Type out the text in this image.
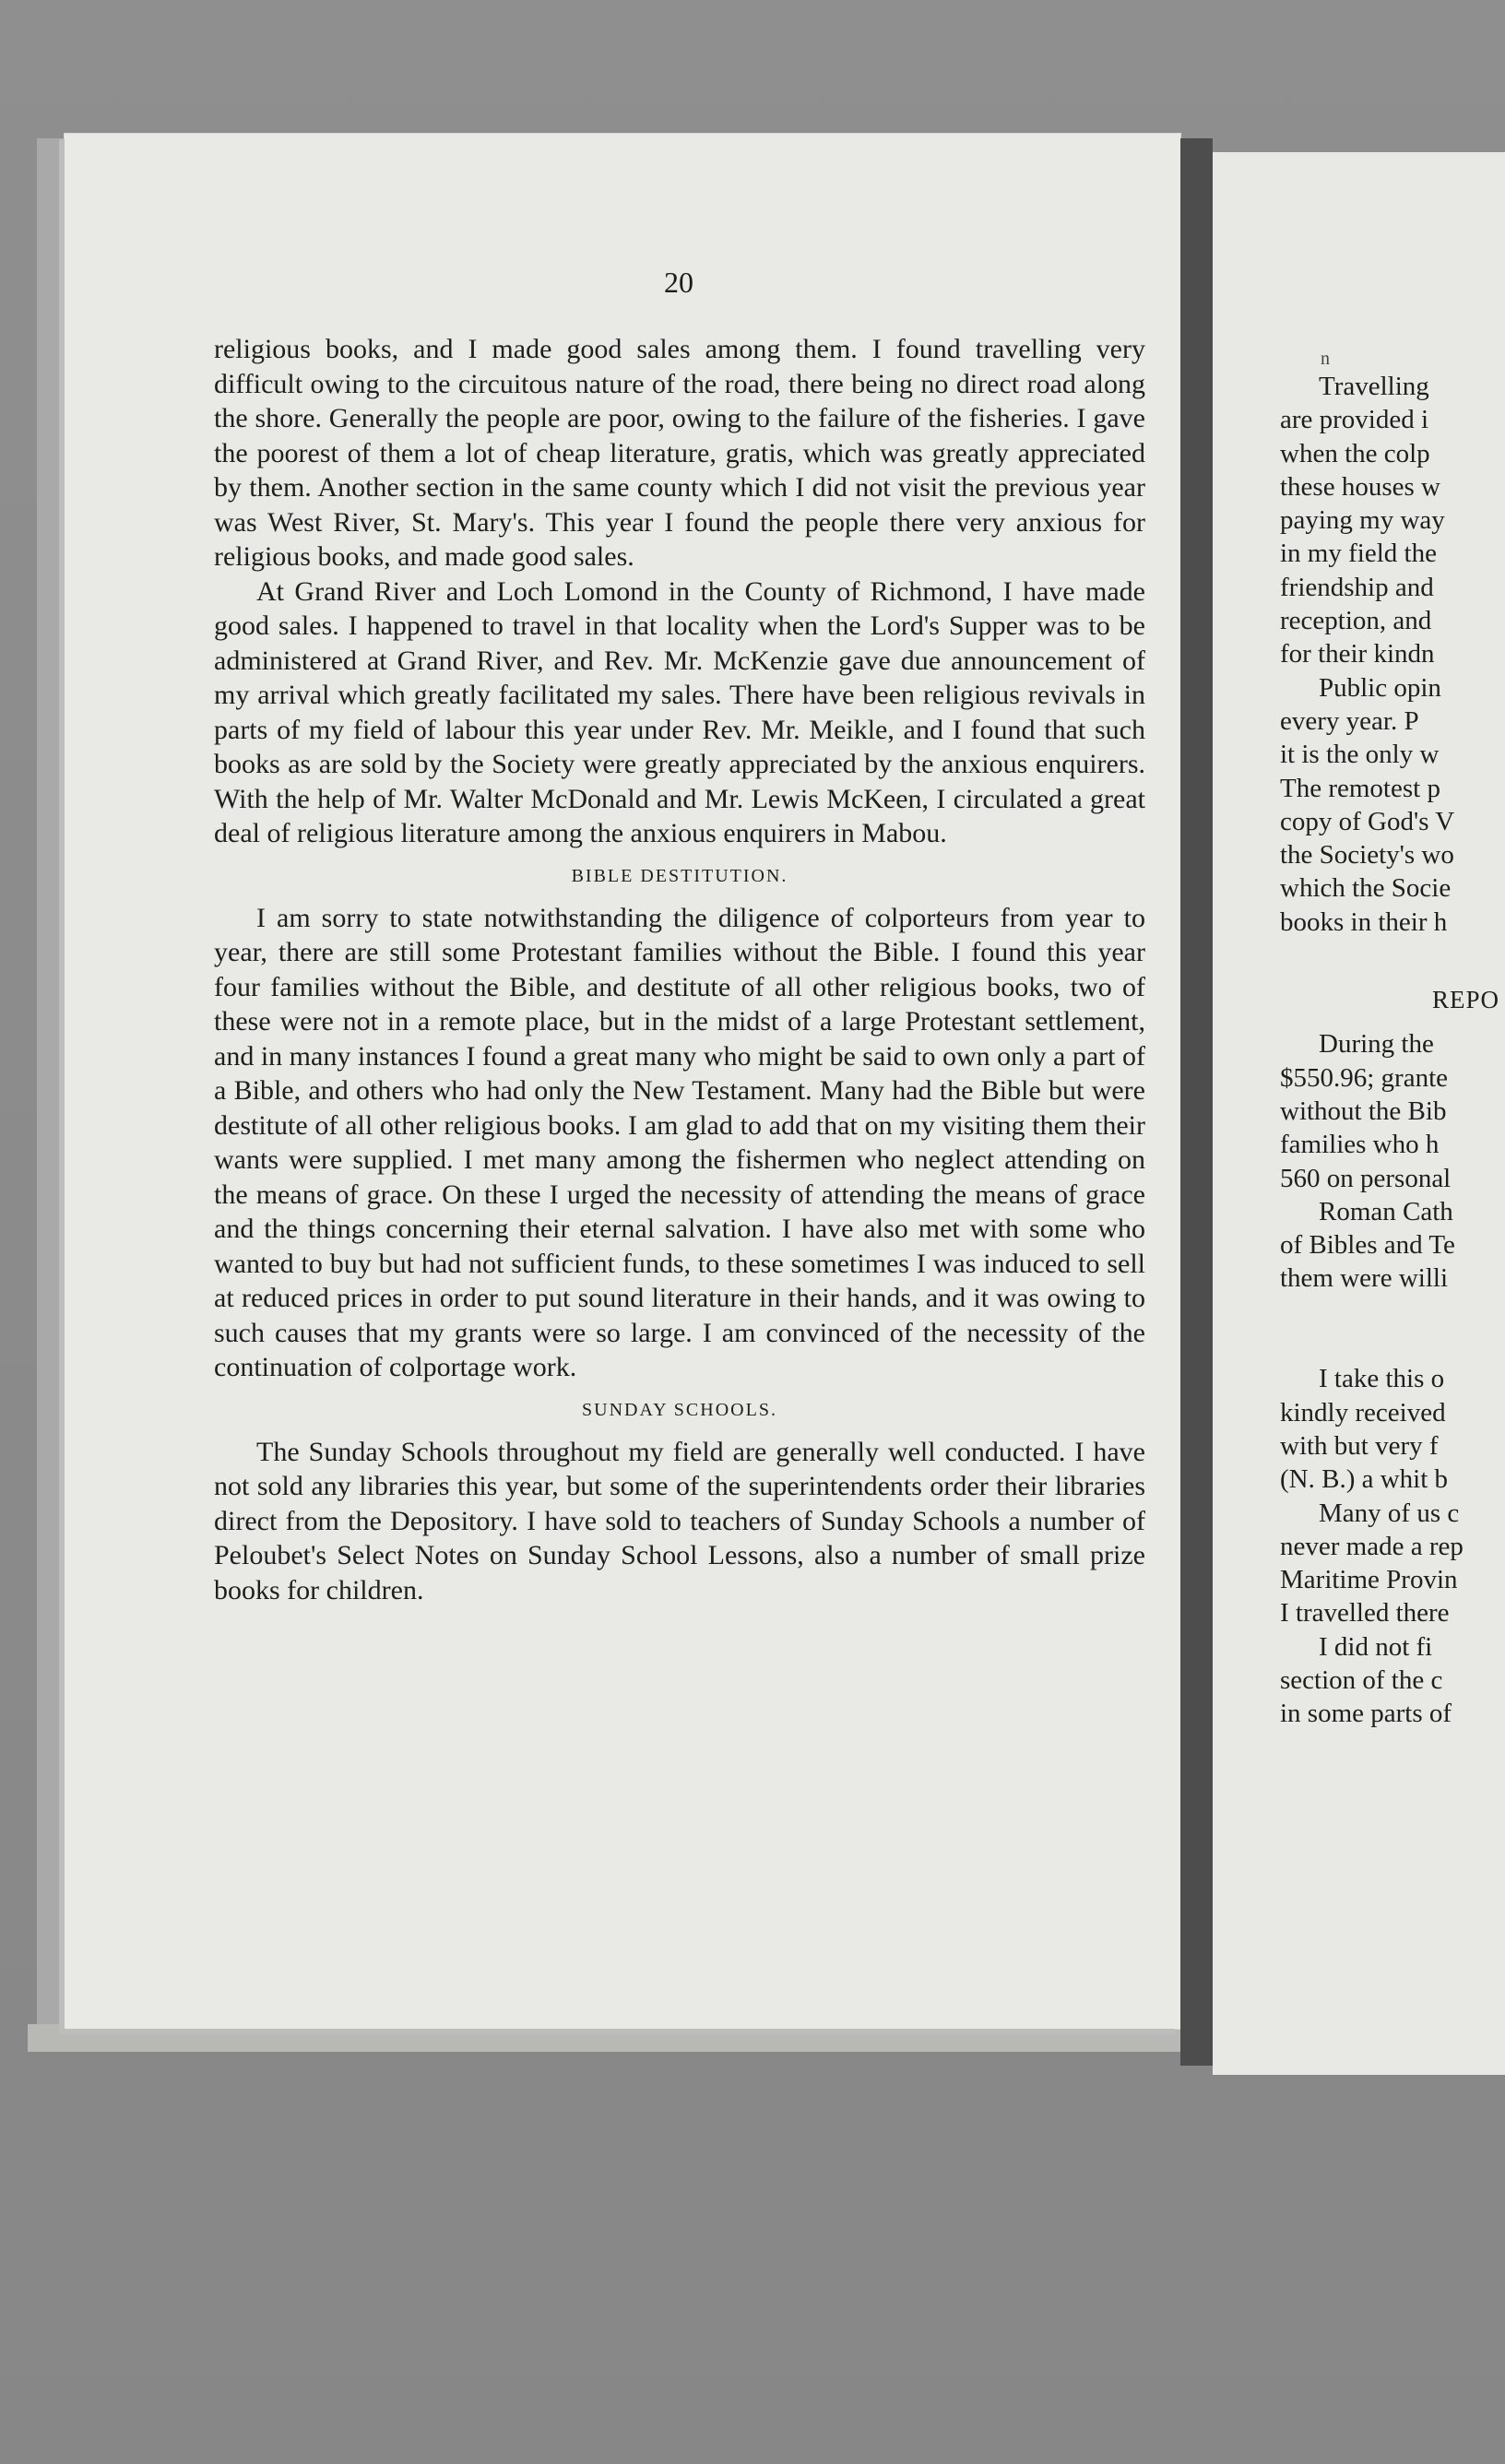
20

religious books, and I made good sales among them. I found travelling very difficult owing to the circuitous nature of the road, there being no direct road along the shore. Generally the people are poor, owing to the failure of the fisheries. I gave the poorest of them a lot of cheap literature, gratis, which was greatly appreciated by them. Another section in the same county which I did not visit the previous year was West River, St. Mary's. This year I found the people there very anxious for religious books, and made good sales.

At Grand River and Loch Lomond in the County of Richmond, I have made good sales. I happened to travel in that locality when the Lord's Supper was to be administered at Grand River, and Rev. Mr. McKenzie gave due announcement of my arrival which greatly facilitated my sales. There have been religious revivals in parts of my field of labour this year under Rev. Mr. Meikle, and I found that such books as are sold by the Society were greatly appreciated by the anxious enquirers. With the help of Mr. Walter McDonald and Mr. Lewis McKeen, I circulated a great deal of religious literature among the anxious enquirers in Mabou.

BIBLE DESTITUTION.

I am sorry to state notwithstanding the diligence of colporteurs from year to year, there are still some Protestant families without the Bible. I found this year four families without the Bible, and destitute of all other religious books, two of these were not in a remote place, but in the midst of a large Protestant settlement, and in many instances I found a great many who might be said to own only a part of a Bible, and others who had only the New Testament. Many had the Bible but were destitute of all other religious books. I am glad to add that on my visiting them their wants were supplied. I met many among the fishermen who neglect attending on the means of grace. On these I urged the necessity of attending the means of grace and the things concerning their eternal salvation. I have also met with some who wanted to buy but had not sufficient funds, to these sometimes I was induced to sell at reduced prices in order to put sound literature in their hands, and it was owing to such causes that my grants were so large. I am convinced of the necessity of the continuation of colportage work.

SUNDAY SCHOOLS.

The Sunday Schools throughout my field are generally well conducted. I have not sold any libraries this year, but some of the superintendents order their libraries direct from the Depository. I have sold to teachers of Sunday Schools a number of Peloubet's Select Notes on Sunday School Lessons, also a number of small prize books for children.

n
Travelling
are provided i
when the colp
these houses w
paying my way
in my field the
friendship and
reception, and
for their kindn
Public opin
every year. P
it is the only w
The remotest p
copy of God's V
the Society's wo
which the Socie
books in their h
REPO
During the
$550.96; grante
without the Bib
families who h
560 on personal
Roman Cath
of Bibles and Te
them were willi
I take this o
kindly received
with but very f
(N. B.) a whit b
Many of us c
never made a rep
Maritime Provin
I travelled there
I did not fi
section of the c
in some parts of
